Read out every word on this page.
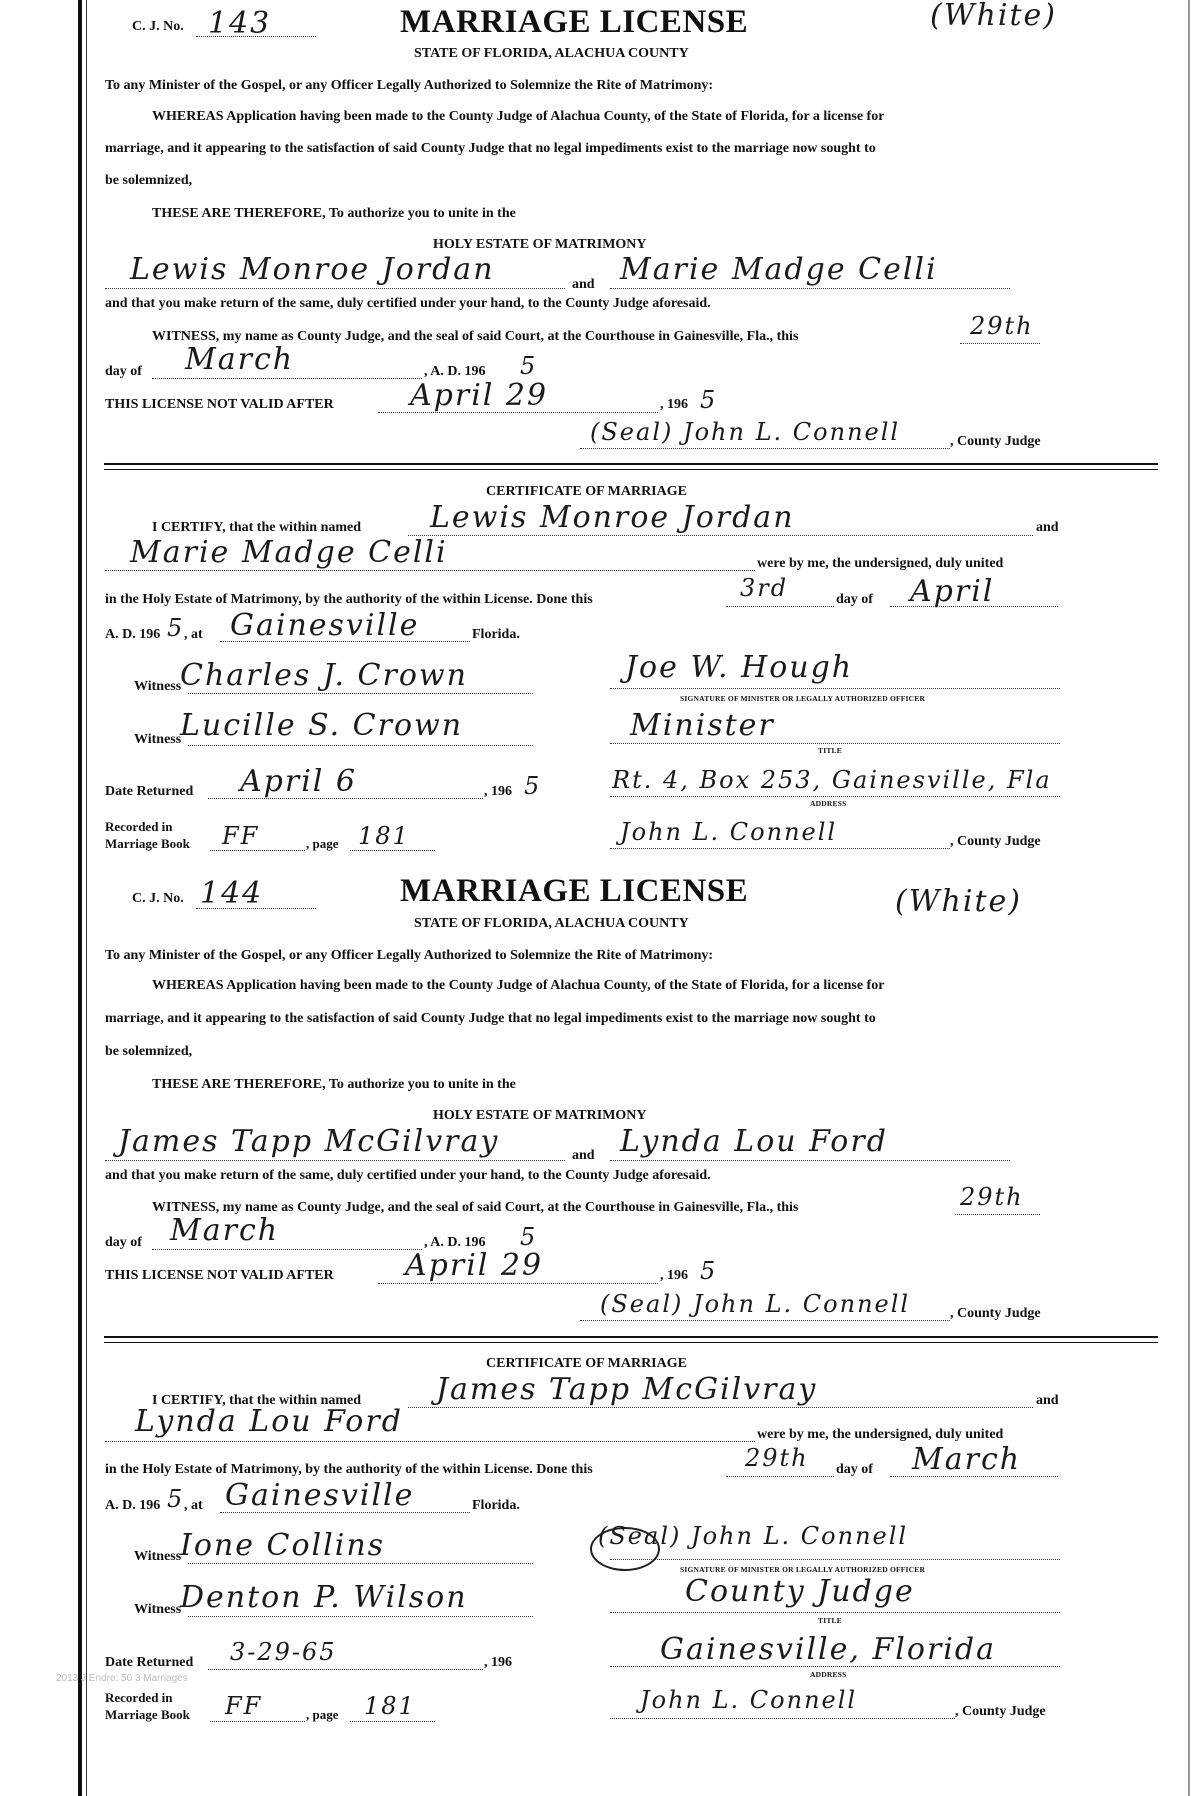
C. J. No. 143	MARRIAGE LICENSE	(White)
STATE OF FLORIDA, ALACHUA COUNTY
To any Minister of the Gospel, or any Officer Legally Authorized to Solemnize the Rite of Matrimony:
WHEREAS Application having been made to the County Judge of Alachua County, of the State of Florida, for a license for
marriage, and it appearing to the satisfaction of said County Judge that no legal impediments exist to the marriage now sought to
be solemnized,
THESE ARE THEREFORE, To authorize you to unite in the
HOLY ESTATE OF MATRIMONY
Lewis Monroe Jordan	and Marie Madge Celli
and that you make return of the same, duly certified under your hand, to the County Judge aforesaid.
WITNESS, my name as County Judge, and the seal of said Court, at the Courthouse in Gainesville, Fla., this	29th
day of March	, A. D. 196 5
THIS LICENSE NOT VALID AFTER	April 29	, 196 5
(Seal) John L. Connell	, County Judge
CERTIFICATE OF MARRIAGE
I CERTIFY, that the within named Lewis Monroe Jordan	and
Marie Madge Celli	were by me, the undersigned, duly united
in the Holy Estate of Matrimony, by the authority of the within License. Done this	3rd	day of April
A. D. 196 5 , at Gainesville	Florida.
Witness
Charles J. Crown	Joe W. Hough
SIGNATURE OF MINISTER OR LEGALLY AUTHORIZED OFFICER
Witness
Lucille S. Crown	Minister
TITLE
Date Returned April 6	, 196 5	Rt. 4, Box 253, Gainesville, Fla
ADDRESS
Recorded in
Marriage Book FF	, page 181	John L. Connell	, County Judge
C. J. No. 144	MARRIAGE LICENSE	(White)
STATE OF FLORIDA, ALACHUA COUNTY
To any Minister of the Gospel, or any Officer Legally Authorized to Solemnize the Rite of Matrimony:
WHEREAS Application having been made to the County Judge of Alachua County, of the State of Florida, for a license for
marriage, and it appearing to the satisfaction of said County Judge that no legal impediments exist to the marriage now sought to
be solemnized,
THESE ARE THEREFORE, To authorize you to unite in the
HOLY ESTATE OF MATRIMONY
James Tapp McGilvray	and Lynda Lou Ford
and that you make return of the same, duly certified under your hand, to the County Judge aforesaid.
WITNESS, my name as County Judge, and the seal of said Court, at the Courthouse in Gainesville, Fla., this	29th
day of March	, A. D. 196 5
THIS LICENSE NOT VALID AFTER April 29	, 196 5
(Seal) John L. Connell	, County Judge
CERTIFICATE OF MARRIAGE
I CERTIFY, that the within named James Tapp McGilvray	and
Lynda Lou Ford	were by me, the undersigned, duly united
in the Holy Estate of Matrimony, by the authority of the within License. Done this	29th day of March
A. D. 196 5 , at Gainesville	Florida.
Witness
Ione Collins	(Seal) John L. Connell
SIGNATURE OF MINISTER OR LEGALLY AUTHORIZED OFFICER
Witness
Denton P. Wilson	County Judge
TITLE
Date Returned 3-29-65	, 196	Gainesville, Florida
ADDRESS
Recorded in
Marriage Book FF	, page 181	John L. Connell	, County Judge
2013 J Endre: 50 3 Marriages
